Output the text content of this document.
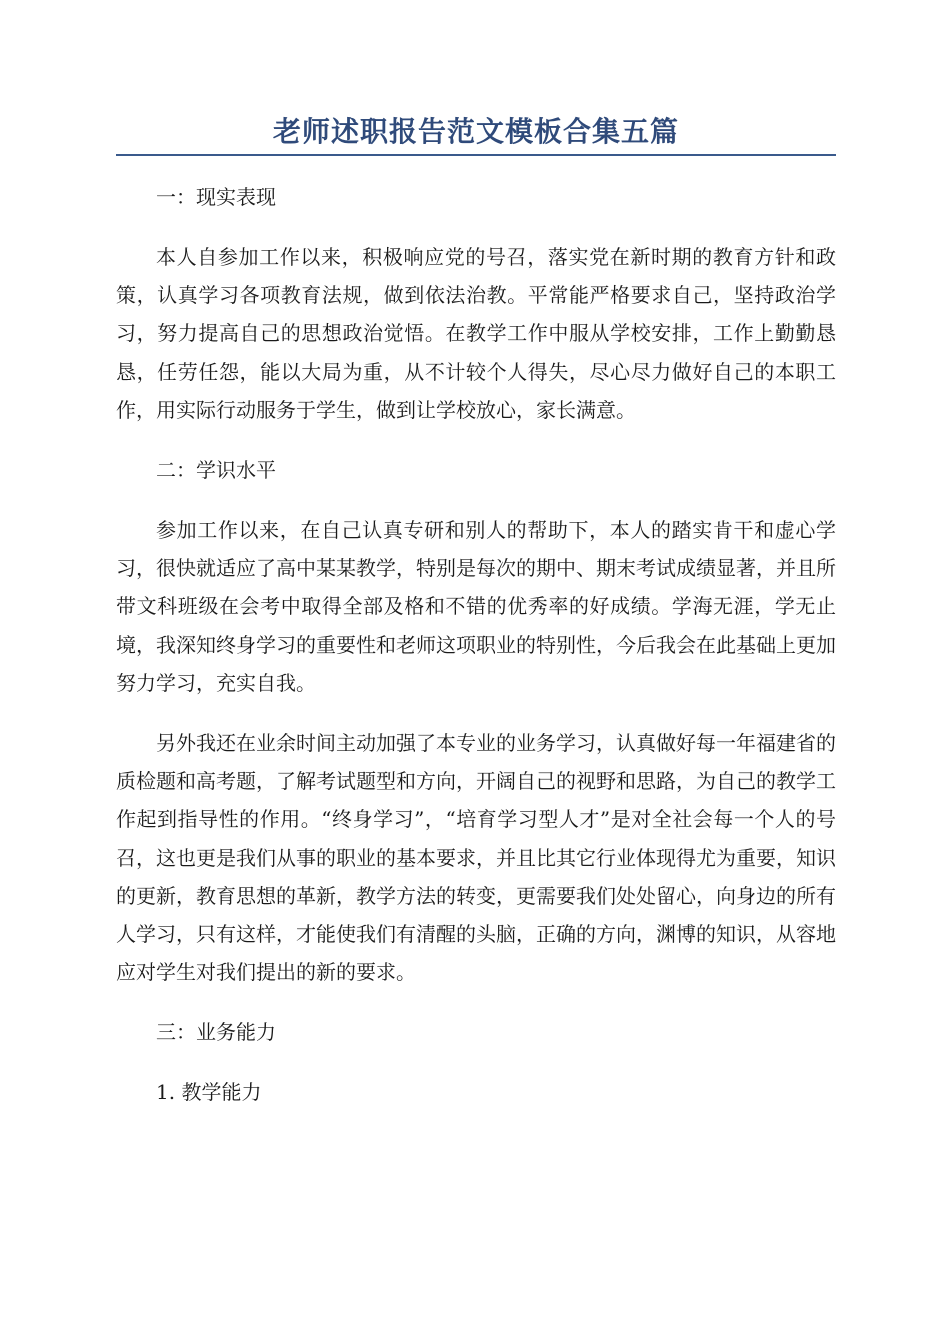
老师述职报告范文模板合集五篇

一：现实表现

本人自参加工作以来，积极响应党的号召，落实党在新时期的教育方针和政策，认真学习各项教育法规，做到依法治教。平常能严格要求自己，坚持政治学习，努力提高自己的思想政治觉悟。在教学工作中服从学校安排，工作上勤勤恳恳，任劳任怨，能以大局为重，从不计较个人得失，尽心尽力做好自己的本职工作，用实际行动服务于学生，做到让学校放心，家长满意。

二：学识水平

参加工作以来，在自己认真专研和别人的帮助下，本人的踏实肯干和虚心学习，很快就适应了高中某某教学，特别是每次的期中、期末考试成绩显著，并且所带文科班级在会考中取得全部及格和不错的优秀率的好成绩。学海无涯，学无止境，我深知终身学习的重要性和老师这项职业的特别性，今后我会在此基础上更加努力学习，充实自我。

另外我还在业余时间主动加强了本专业的业务学习，认真做好每一年福建省的质检题和高考题，了解考试题型和方向，开阔自己的视野和思路，为自己的教学工作起到指导性的作用。“终身学习”，“培育学习型人才”是对全社会每一个人的号召，这也更是我们从事的职业的基本要求，并且比其它行业体现得尤为重要，知识的更新，教育思想的革新，教学方法的转变，更需要我们处处留心，向身边的所有人学习，只有这样，才能使我们有清醒的头脑，正确的方向，渊博的知识，从容地应对学生对我们提出的新的要求。

三：业务能力

1. 教学能力
